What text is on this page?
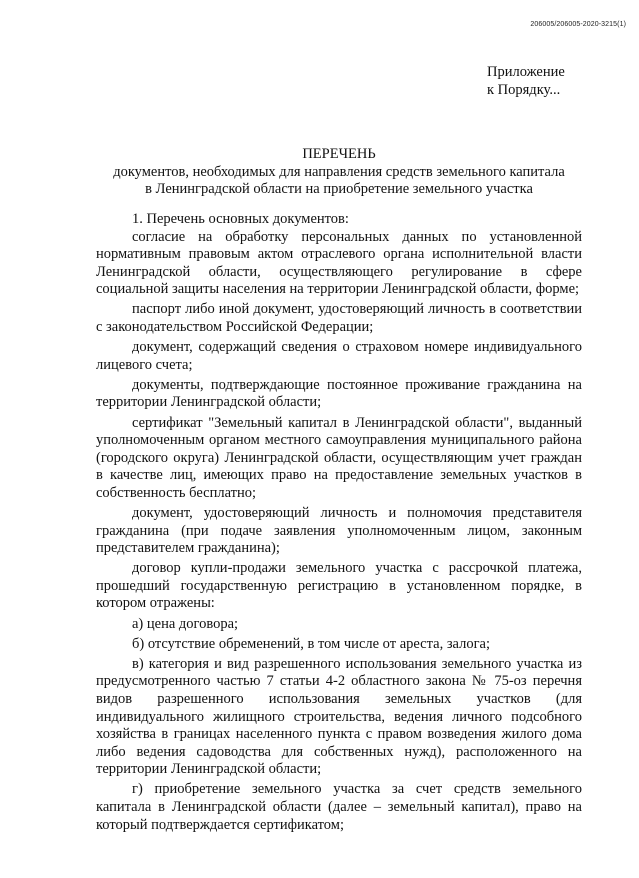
206005/206005-2020-3215(1)
Приложение
к Порядку...
ПЕРЕЧЕНЬ
документов, необходимых для направления средств земельного капитала
в Ленинградской области на приобретение земельного участка

1. Перечень основных документов:

согласие на обработку персональных данных по установленной нормативным правовым актом отраслевого органа исполнительной власти Ленинградской области, осуществляющего регулирование в сфере социальной защиты населения на территории Ленинградской области, форме;

паспорт либо иной документ, удостоверяющий личность в соответствии с законодательством Российской Федерации;

документ, содержащий сведения о страховом номере индивидуального лицевого счета;

документы, подтверждающие постоянное проживание гражданина на территории Ленинградской области;

сертификат "Земельный капитал в Ленинградской области", выданный уполномоченным органом местного самоуправления муниципального района (городского округа) Ленинградской области, осуществляющим учет граждан в качестве лиц, имеющих право на предоставление земельных участков в собственность бесплатно;

документ, удостоверяющий личность и полномочия представителя гражданина (при подаче заявления уполномоченным лицом, законным представителем гражданина);

договор купли-продажи земельного участка с рассрочкой платежа, прошедший государственную регистрацию в установленном порядке, в котором отражены:

а) цена договора;

б) отсутствие обременений, в том числе от ареста, залога;

в) категория и вид разрешенного использования земельного участка из предусмотренного частью 7 статьи 4-2 областного закона № 75-оз перечня видов разрешенного использования земельных участков (для индивидуального жилищного строительства, ведения личного подсобного хозяйства в границах населенного пункта с правом возведения жилого дома либо ведения садоводства для собственных нужд), расположенного на территории Ленинградской области;

г) приобретение земельного участка за счет средств земельного капитала в Ленинградской области (далее – земельный капитал), право на который подтверждается сертификатом;
